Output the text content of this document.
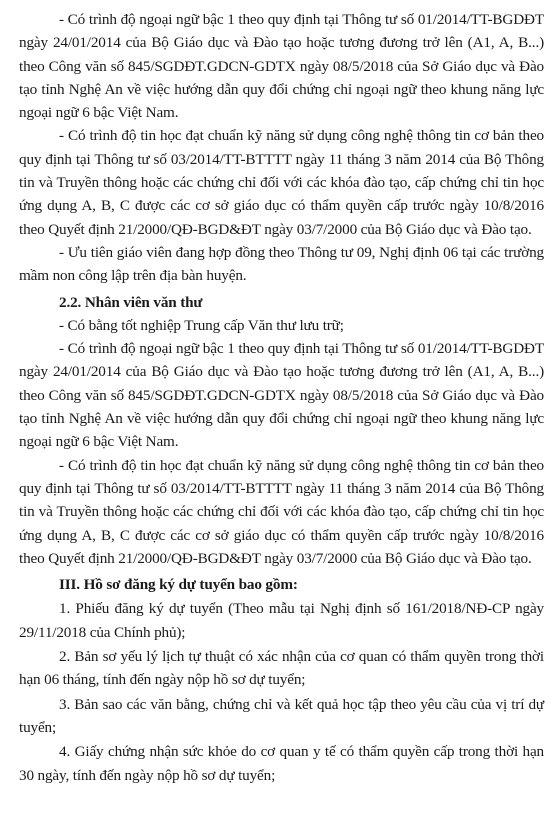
- Có trình độ ngoại ngữ bậc 1 theo quy định tại Thông tư số 01/2014/TT-BGDĐT ngày 24/01/2014 của Bộ Giáo dục và Đào tạo hoặc tương đương trở lên (A1, A, B...) theo Công văn số 845/SGDĐT.GDCN-GDTX ngày 08/5/2018 của Sở Giáo dục và Đào tạo tỉnh Nghệ An về việc hướng dẫn quy đổi chứng chỉ ngoại ngữ theo khung năng lực ngoại ngữ 6 bậc Việt Nam.

- Có trình độ tin học đạt chuẩn kỹ năng sử dụng công nghệ thông tin cơ bản theo quy định tại Thông tư số 03/2014/TT-BTTTT ngày 11 tháng 3 năm 2014 của Bộ Thông tin và Truyền thông hoặc các chứng chỉ đối với các khóa đào tạo, cấp chứng chỉ tin học ứng dụng A, B, C được các cơ sở giáo dục có thẩm quyền cấp trước ngày 10/8/2016 theo Quyết định 21/2000/QĐ-BGD&ĐT ngày 03/7/2000 của Bộ Giáo dục và Đào tạo.

- Ưu tiên giáo viên đang hợp đồng theo Thông tư 09, Nghị định 06 tại các trường mầm non công lập trên địa bàn huyện.

2.2. Nhân viên văn thư

- Có bằng tốt nghiệp Trung cấp Văn thư lưu trữ;

- Có trình độ ngoại ngữ bậc 1 theo quy định tại Thông tư số 01/2014/TT-BGDĐT ngày 24/01/2014 của Bộ Giáo dục và Đào tạo hoặc tương đương trở lên (A1, A, B...) theo Công văn số 845/SGDĐT.GDCN-GDTX ngày 08/5/2018 của Sở Giáo dục và Đào tạo tỉnh Nghệ An về việc hướng dẫn quy đổi chứng chỉ ngoại ngữ theo khung năng lực ngoại ngữ 6 bậc Việt Nam.

- Có trình độ tin học đạt chuẩn kỹ năng sử dụng công nghệ thông tin cơ bản theo quy định tại Thông tư số 03/2014/TT-BTTTT ngày 11 tháng 3 năm 2014 của Bộ Thông tin và Truyền thông hoặc các chứng chỉ đối với các khóa đào tạo, cấp chứng chỉ tin học ứng dụng A, B, C được các cơ sở giáo dục có thẩm quyền cấp trước ngày 10/8/2016 theo Quyết định 21/2000/QĐ-BGD&ĐT ngày 03/7/2000 của Bộ Giáo dục và Đào tạo.

III. Hồ sơ đăng ký dự tuyển bao gồm:

1. Phiếu đăng ký dự tuyển (Theo mẫu tại Nghị định số 161/2018/NĐ-CP ngày 29/11/2018 của Chính phủ);

2. Bản sơ yếu lý lịch tự thuật có xác nhận của cơ quan có thẩm quyền trong thời hạn 06 tháng, tính đến ngày nộp hồ sơ dự tuyển;

3. Bản sao các văn bằng, chứng chỉ và kết quả học tập theo yêu cầu của vị trí dự tuyển;

4. Giấy chứng nhận sức khỏe do cơ quan y tế có thẩm quyền cấp trong thời hạn 30 ngày, tính đến ngày nộp hồ sơ dự tuyển;
